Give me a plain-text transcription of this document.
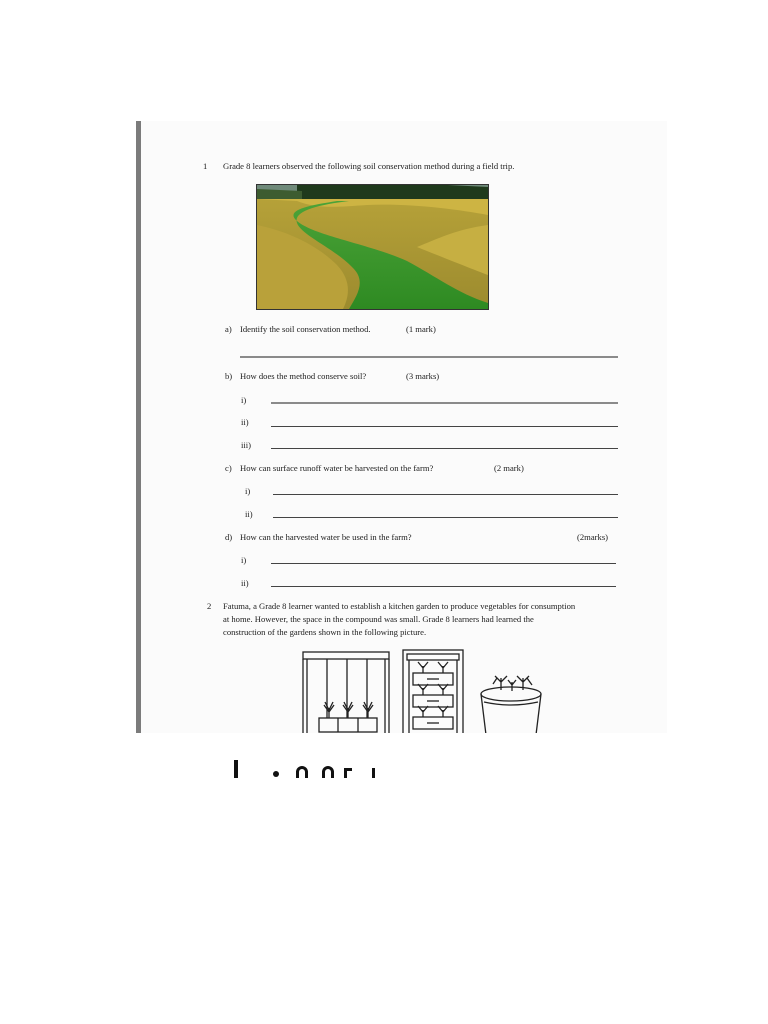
1 Grade 8 learners observed the following soil conservation method during a field trip.
a) Identify the soil conservation method.	(1 mark)
b) How does the method conserve soil?	(3 marks)
i)
ii)
iii)
c) How can surface runoff water be harvested on the farm?	(2 mark)
i)
ii)
d) How can the harvested water be used in the farm?	(2marks)
i)
ii)
2 Fatuma, a Grade 8 learner wanted to establish a kitchen garden to produce vegetables for consumption
at home. However, the space in the compound was small. Grade 8 learners had learned the
construction of the gardens shown in the following picture.
